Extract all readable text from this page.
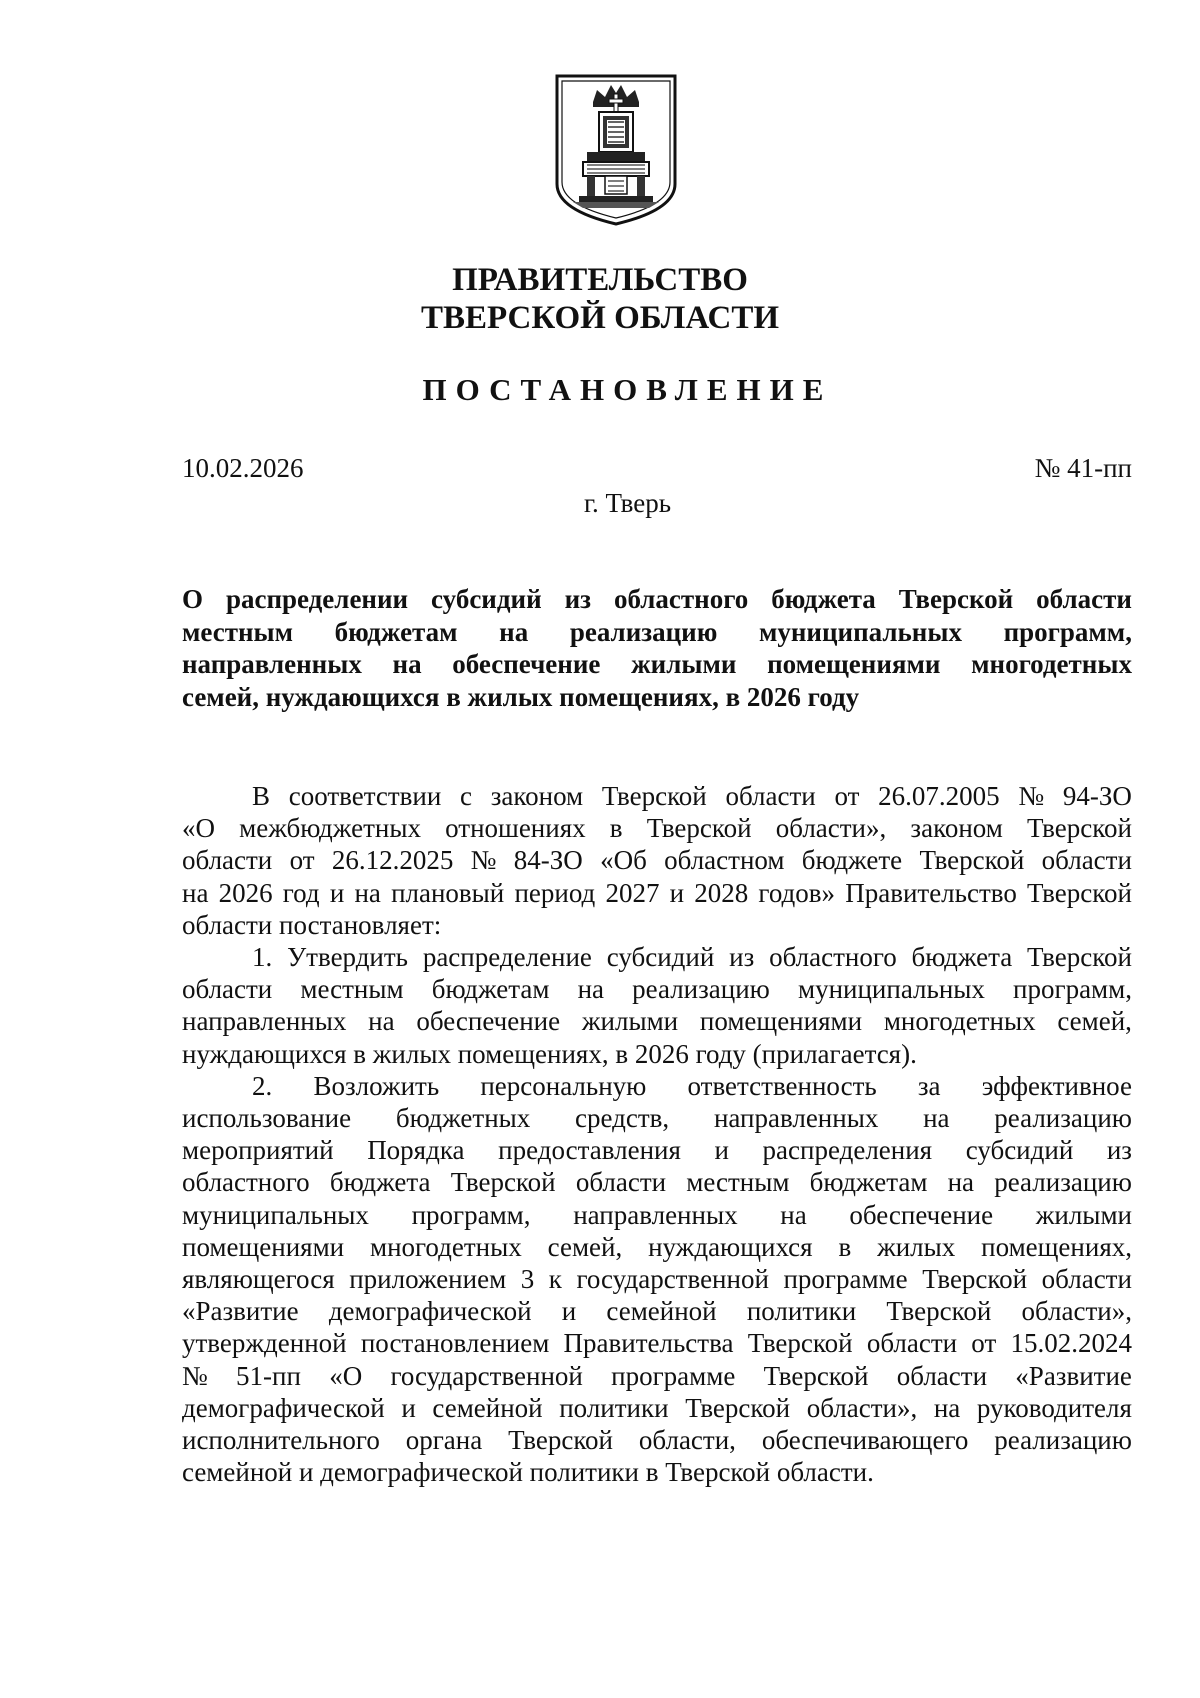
ПРАВИТЕЛЬСТВО
ТВЕРСКОЙ ОБЛАСТИ
ПОСТАНОВЛЕНИЕ
10.02.2026	№ 41-пп
г. Тверь
О распределении субсидий из областного бюджета Тверской области
местным бюджетам на реализацию муниципальных программ,
направленных на обеспечение жилыми помещениями многодетных
семей, нуждающихся в жилых помещениях, в 2026 году
В соответствии с законом Тверской области от 26.07.2005 № 94-ЗО
«О межбюджетных отношениях в Тверской области», законом Тверской
области от 26.12.2025 № 84-ЗО «Об областном бюджете Тверской области
на 2026 год и на плановый период 2027 и 2028 годов» Правительство Тверской
области постановляет:
1. Утвердить распределение субсидий из областного бюджета Тверской
области местным бюджетам на реализацию муниципальных программ,
направленных на обеспечение жилыми помещениями многодетных семей,
нуждающихся в жилых помещениях, в 2026 году (прилагается).
2. Возложить персональную ответственность за эффективное
использование бюджетных средств, направленных на реализацию
мероприятий Порядка предоставления и распределения субсидий из
областного бюджета Тверской области местным бюджетам на реализацию
муниципальных программ, направленных на обеспечение жилыми
помещениями многодетных семей, нуждающихся в жилых помещениях,
являющегося приложением 3 к государственной программе Тверской области
«Развитие демографической и семейной политики Тверской области»,
утвержденной постановлением Правительства Тверской области от 15.02.2024
№ 51-пп «О государственной программе Тверской области «Развитие
демографической и семейной политики Тверской области», на руководителя
исполнительного органа Тверской области, обеспечивающего реализацию
семейной и демографической политики в Тверской области.
